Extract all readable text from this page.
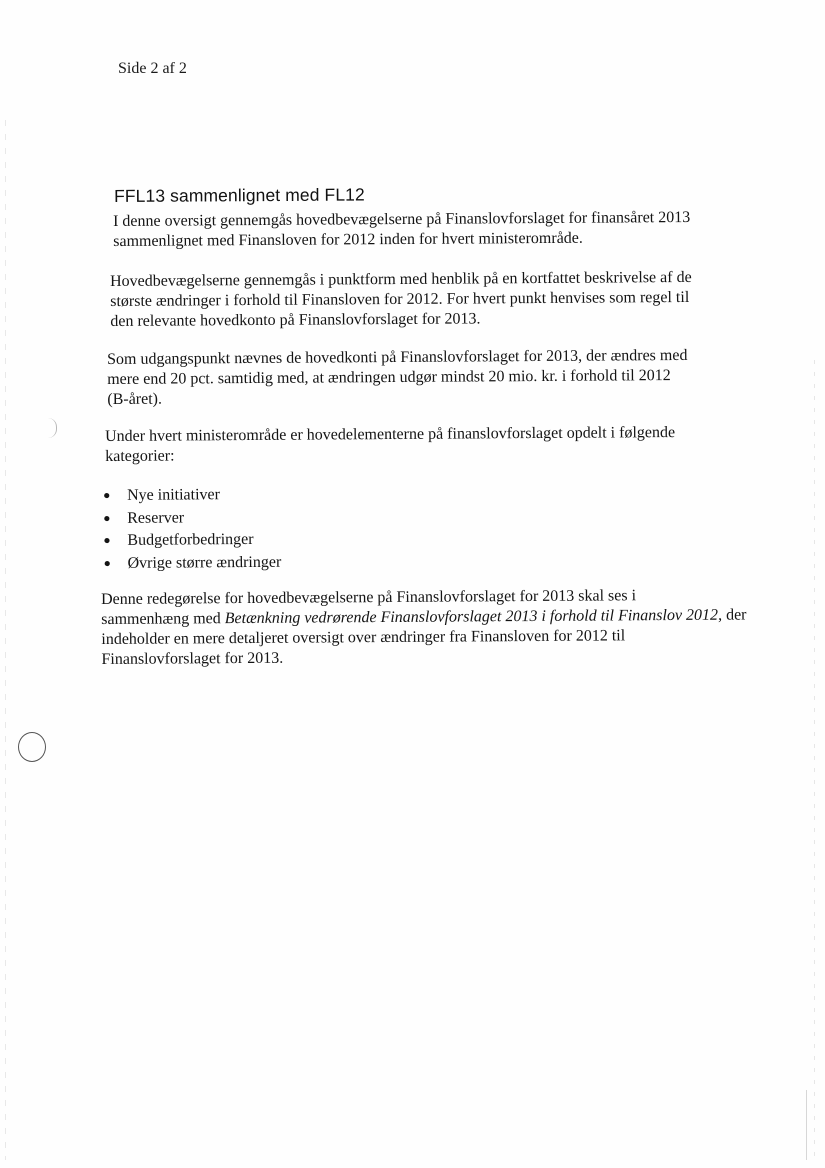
Side 2 af 2
FFL13 sammenlignet med FL12

I denne oversigt gennemgås hovedbevægelserne på Finanslovforslaget for finansåret 2013
sammenlignet med Finansloven for 2012 inden for hvert ministerområde.

Hovedbevægelserne gennemgås i punktform med henblik på en kortfattet beskrivelse af de
største ændringer i forhold til Finansloven for 2012. For hvert punkt henvises som regel til
den relevante hovedkonto på Finanslovforslaget for 2013.

Som udgangspunkt nævnes de hovedkonti på Finanslovforslaget for 2013, der ændres med
mere end 20 pct. samtidig med, at ændringen udgør mindst 20 mio. kr. i forhold til 2012
(B-året).

Under hvert ministerområde er hovedelementerne på finanslovforslaget opdelt i følgende
kategorier:

●	Nye initiativer
●	Reserver
●	Budgetforbedringer
●	Øvrige større ændringer

Denne redegørelse for hovedbevægelserne på Finanslovforslaget for 2013 skal ses i
sammenhæng med Betænkning vedrørende Finanslovforslaget 2013 i forhold til Finanslov 2012, der
indeholder en mere detaljeret oversigt over ændringer fra Finansloven for 2012 til
Finanslovforslaget for 2013.
